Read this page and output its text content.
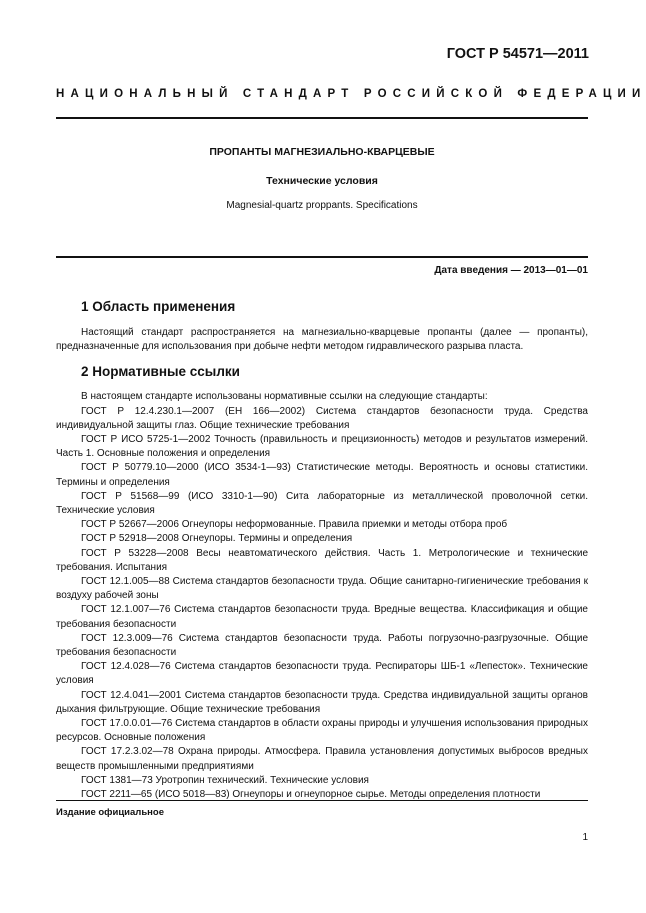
ГОСТ Р 54571—2011
НАЦИОНАЛЬНЫЙ СТАНДАРТ РОССИЙСКОЙ ФЕДЕРАЦИИ
ПРОПАНТЫ МАГНЕЗИАЛЬНО-КВАРЦЕВЫЕ
Технические условия
Magnesial-quartz proppants. Specifications
Дата введения — 2013—01—01
1 Область применения

Настоящий стандарт распространяется на магнезиально-кварцевые пропанты (далее — пропанты), предназначенные для использования при добыче нефти методом гидравлического разрыва пласта.

2 Нормативные ссылки

В настоящем стандарте использованы нормативные ссылки на следующие стандарты:

ГОСТ Р 12.4.230.1—2007 (ЕН 166—2002) Система стандартов безопасности труда. Средства индивидуальной защиты глаз. Общие технические требования

ГОСТ Р ИСО 5725-1—2002 Точность (правильность и прецизионность) методов и результатов измерений. Часть 1. Основные положения и определения

ГОСТ Р 50779.10—2000 (ИСО 3534-1—93) Статистические методы. Вероятность и основы статистики. Термины и определения

ГОСТ Р 51568—99 (ИСО 3310-1—90) Сита лабораторные из металлической проволочной сетки. Технические условия

ГОСТ Р 52667—2006 Огнеупоры неформованные. Правила приемки и методы отбора проб

ГОСТ Р 52918—2008 Огнеупоры. Термины и определения

ГОСТ Р 53228—2008 Весы неавтоматического действия. Часть 1. Метрологические и технические требования. Испытания

ГОСТ 12.1.005—88 Система стандартов безопасности труда. Общие санитарно-гигиенические требования к воздуху рабочей зоны

ГОСТ 12.1.007—76 Система стандартов безопасности труда. Вредные вещества. Классификация и общие требования безопасности

ГОСТ 12.3.009—76 Система стандартов безопасности труда. Работы погрузочно-разгрузочные. Общие требования безопасности

ГОСТ 12.4.028—76 Система стандартов безопасности труда. Респираторы ШБ-1 «Лепесток». Технические условия

ГОСТ 12.4.041—2001 Система стандартов безопасности труда. Средства индивидуальной защиты органов дыхания фильтрующие. Общие технические требования

ГОСТ 17.0.0.01—76 Система стандартов в области охраны природы и улучшения использования природных ресурсов. Основные положения

ГОСТ 17.2.3.02—78 Охрана природы. Атмосфера. Правила установления допустимых выбросов вредных веществ промышленными предприятиями

ГОСТ 1381—73 Уротропин технический. Технические условия

ГОСТ 2211—65 (ИСО 5018—83) Огнеупоры и огнеупорное сырье. Методы определения плотности

Издание официальное
1
